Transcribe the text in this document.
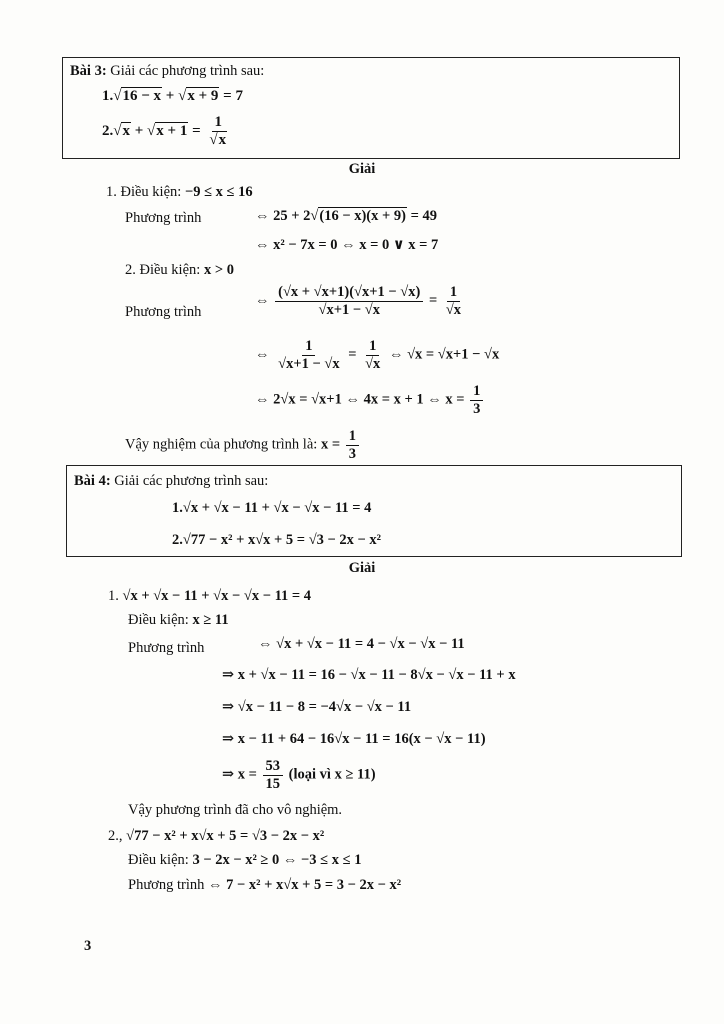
Bài 3: Giải các phương trình sau:
1.√16 − x + √x + 9 = 7
$2.√x + √x + 1 = \frac{1}{√x}$
Giải
1. Điều kiện: −9 ≤ x ≤ 16
Phương trình	⇔ 25 + 2√(16 − x)(x + 9) = 49
⇔ x² − 7x = 0 ⇔ x = 0 ∨ x = 7
2. Điều kiện: x > 0
Phương trình
⇔ $\frac{(√x + √x+1)(√x+1 - √x)}{√x+1 - √x} = \frac{1}{√x}$
⇔ $\frac{1}{√x+1 - √x} = \frac{1}{√x}$ ⇔ √x = √x+1 − √x
⇔ 2√x = √x+1 ⇔ 4x = x + 1 ⇔ $x = \frac{1}{3}$
Vậy nghiệm của phương trình là: $x = \frac{1}{3}$
Bài 4: Giải các phương trình sau:
1.√x + √x − 11 + √x − √x − 11 = 4
2.√77 − x² + x√x + 5 = √3 − 2x − x²
Giải
1. √x + √x − 11 + √x − √x − 11 = 4
Điều kiện: x ≥ 11
Phương trình	⇔ √x + √x − 11 = 4 − √x − √x − 11
⇒ x + √x − 11 = 16 − √x − 11 − 8√x − √x − 11 + x
⇒ √x − 11 − 8 = −4√x − √x − 11
⇒ x − 11 + 64 − 16√x − 11 = 16(x − √x − 11)
⇒ $x = \frac{53}{15}$ (loại vì x ≥ 11)
Vậy phương trình đã cho vô nghiệm.
2., √77 − x² + x√x + 5 = √3 − 2x − x²
Điều kiện: 3 − 2x − x² ≥ 0 ⇔ −3 ≤ x ≤ 1
Phương trình ⇔ 7 − x² + x√x + 5 = 3 − 2x − x²
3
